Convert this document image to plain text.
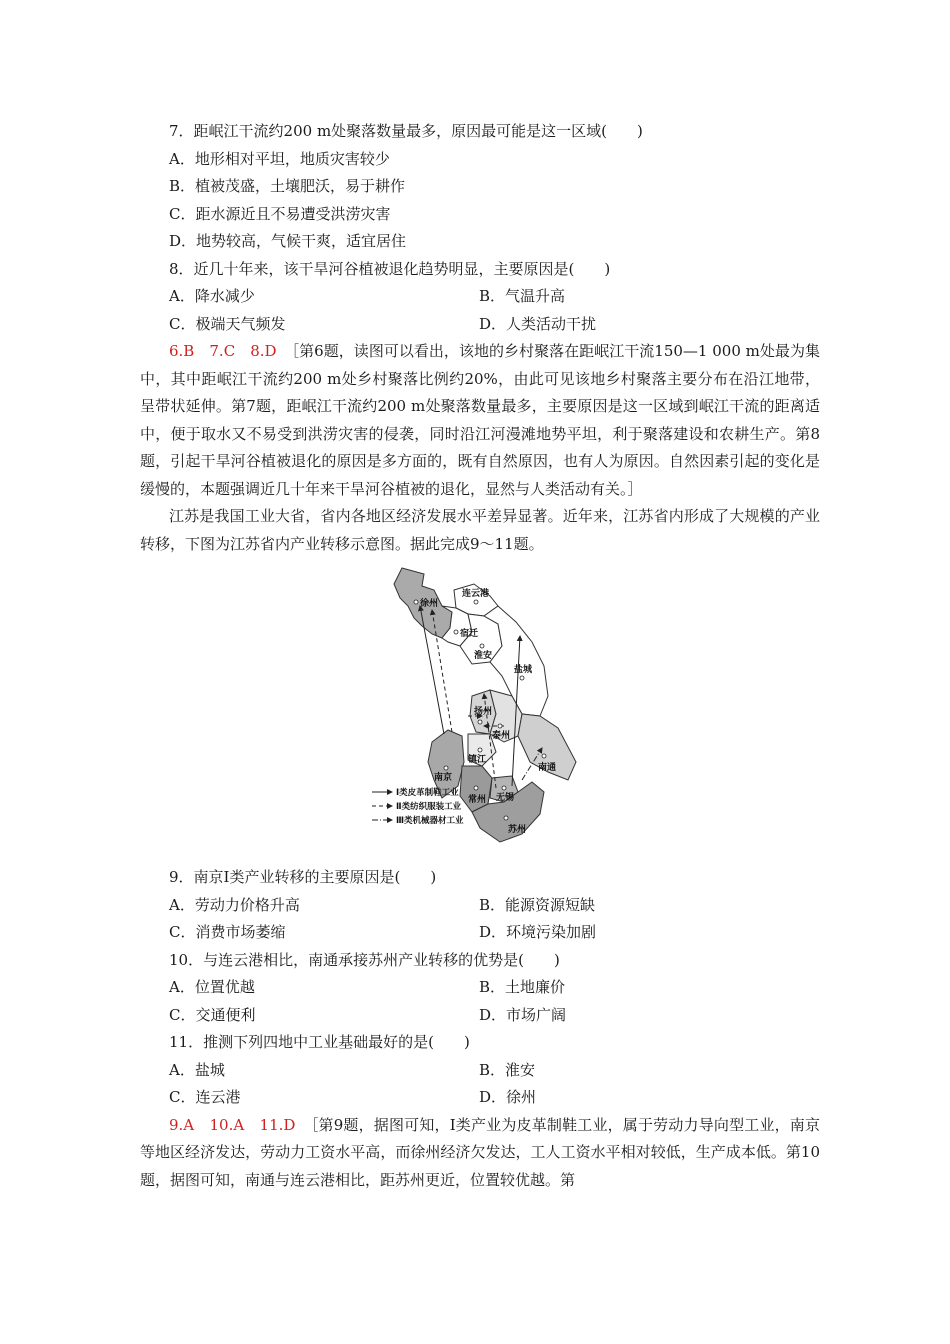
7．距岷江干流约200 m处聚落数量最多，原因最可能是这一区域(　　)
A．地形相对平坦，地质灾害较少
B．植被茂盛，土壤肥沃，易于耕作
C．距水源近且不易遭受洪涝灾害
D．地势较高，气候干爽，适宜居住
8．近几十年来，该干旱河谷植被退化趋势明显，主要原因是(　　)
A．降水减少	B．气温升高
C．极端天气频发	D．人类活动干扰
6.B　7.C　8.D　 ［第6题，读图可以看出，该地的乡村聚落在距岷江干流150—1 000 m处最为集中，其中距岷江干流约200 m处乡村聚落比例约20%，由此可见该地乡村聚落主要分布在沿江地带，呈带状延伸。第7题，距岷江干流约200 m处聚落数量最多，主要原因是这一区域到岷江干流的距离适中，便于取水又不易受到洪涝灾害的侵袭，同时沿江河漫滩地势平坦，利于聚落建设和农耕生产。第8题，引起干旱河谷植被退化的原因是多方面的，既有自然原因，也有人为原因。自然因素引起的变化是缓慢的，本题强调近几十年来干旱河谷植被的退化，显然与人类活动有关。］
江苏是我国工业大省，省内各地区经济发展水平差异显著。近年来，江苏省内形成了大规模的产业转移，下图为江苏省内产业转移示意图。据此完成9～11题。
徐州
连云港
宿迁
淮安
盐城
扬州
泰州
镇江
南通
南京
常州 无锡
苏州
Ⅰ类皮革制鞋工业
Ⅱ类纺织服装工业
Ⅲ类机械器材工业
9．南京Ⅰ类产业转移的主要原因是(　　)
A．劳动力价格升高	B．能源资源短缺
C．消费市场萎缩	D．环境污染加剧
10．与连云港相比，南通承接苏州产业转移的优势是(　　)
A．位置优越	B．土地廉价
C．交通便利	D．市场广阔
11．推测下列四地中工业基础最好的是(　　)
A．盐城	B．淮安
C．连云港	D．徐州
9.A　10.A　11.D　 ［第9题，据图可知，Ⅰ类产业为皮革制鞋工业，属于劳动力导向型工业，南京等地区经济发达，劳动力工资水平高，而徐州经济欠发达，工人工资水平相对较低，生产成本低。第10题，据图可知，南通与连云港相比，距苏州更近，位置较优越。第
